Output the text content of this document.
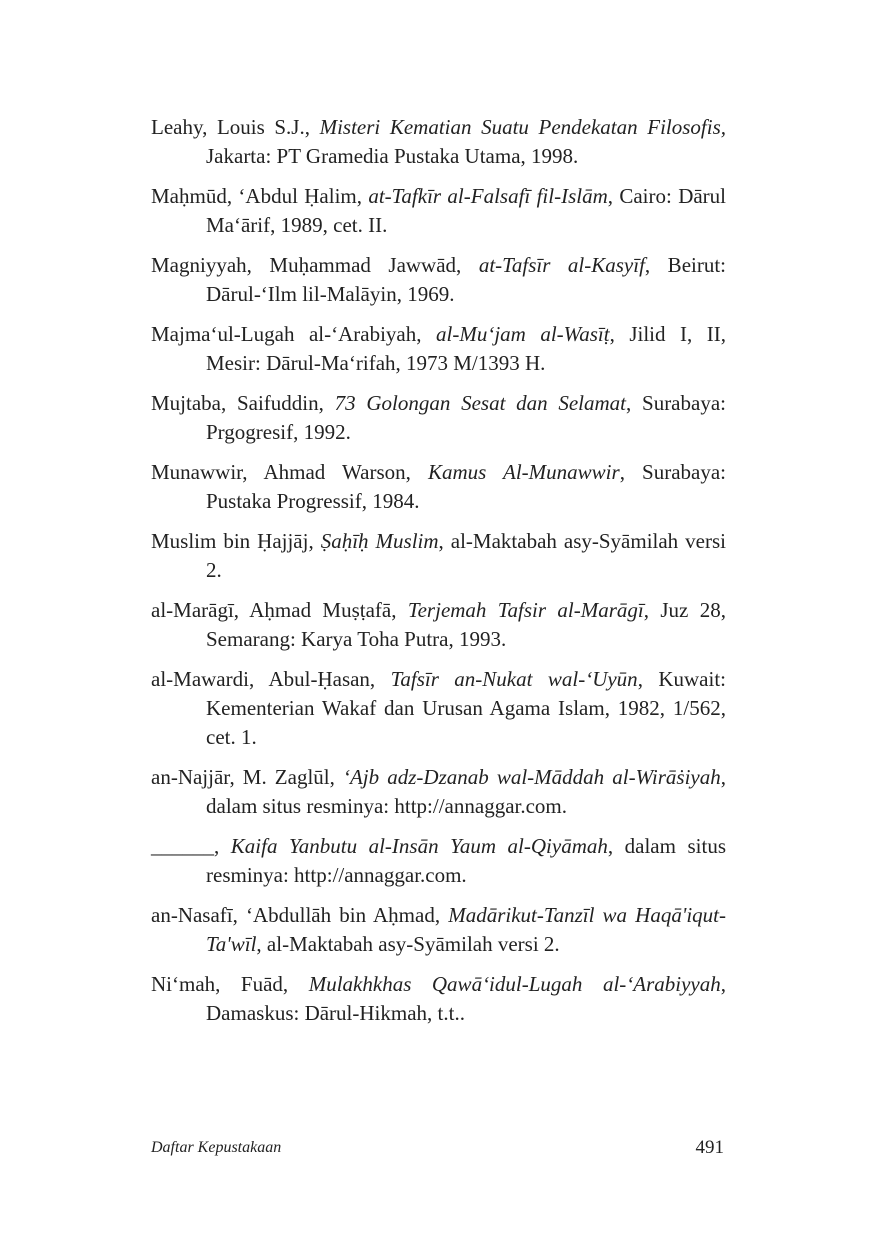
Leahy, Louis S.J., Misteri Kematian Suatu Pendekatan Filosofis, Jakarta: PT Gramedia Pustaka Utama, 1998.

Maḥmūd, ‘Abdul Ḥalim, at-Tafkīr al-Falsafī fil-Islām, Cairo: Dārul Ma‘ārif, 1989, cet. II.

Magniyyah, Muḥammad Jawwād, at-Tafsīr al-Kasyīf, Beirut: Dārul-‘Ilm lil-Malāyin, 1969.

Majma‘ul-Lugah al-‘Arabiyah, al-Mu‘jam al-Wasīṭ, Jilid I, II, Mesir: Dārul-Ma‘rifah, 1973 M/1393 H.

Mujtaba, Saifuddin, 73 Golongan Sesat dan Selamat, Surabaya: Prgogresif, 1992.

Munawwir, Ahmad Warson, Kamus Al-Munawwir, Surabaya: Pustaka Progressif, 1984.

Muslim bin Ḥajjāj, Ṣaḥīḥ Muslim, al-Maktabah asy-Syāmilah versi 2.

al-Marāgī, Aḥmad Muṣṭafā, Terjemah Tafsir al-Marāgī, Juz 28, Semarang: Karya Toha Putra, 1993.

al-Mawardi, Abul-Ḥasan, Tafsīr an-Nukat wal-‘Uyūn, Kuwait: Kementerian Wakaf dan Urusan Agama Islam, 1982, 1/562, cet. 1.

an-Najjār, M. Zaglūl, ‘Ajb adz-Dzanab wal-Māddah al-Wirāṡiyah, dalam situs resminya: http://annaggar.com.

______, Kaifa Yanbutu al-Insān Yaum al-Qiyāmah, dalam situs resminya: http://annaggar.com.

an-Nasafī, ‘Abdullāh bin Aḥmad, Madārikut-Tanzīl wa Haqā'iqut-Ta'wīl, al-Maktabah asy-Syāmilah versi 2.

Ni‘mah, Fuād, Mulakhkhas Qawā‘idul-Lugah al-‘Arabiyyah, Damaskus: Dārul-Hikmah, t.t..

Daftar Kepustakaan	491
